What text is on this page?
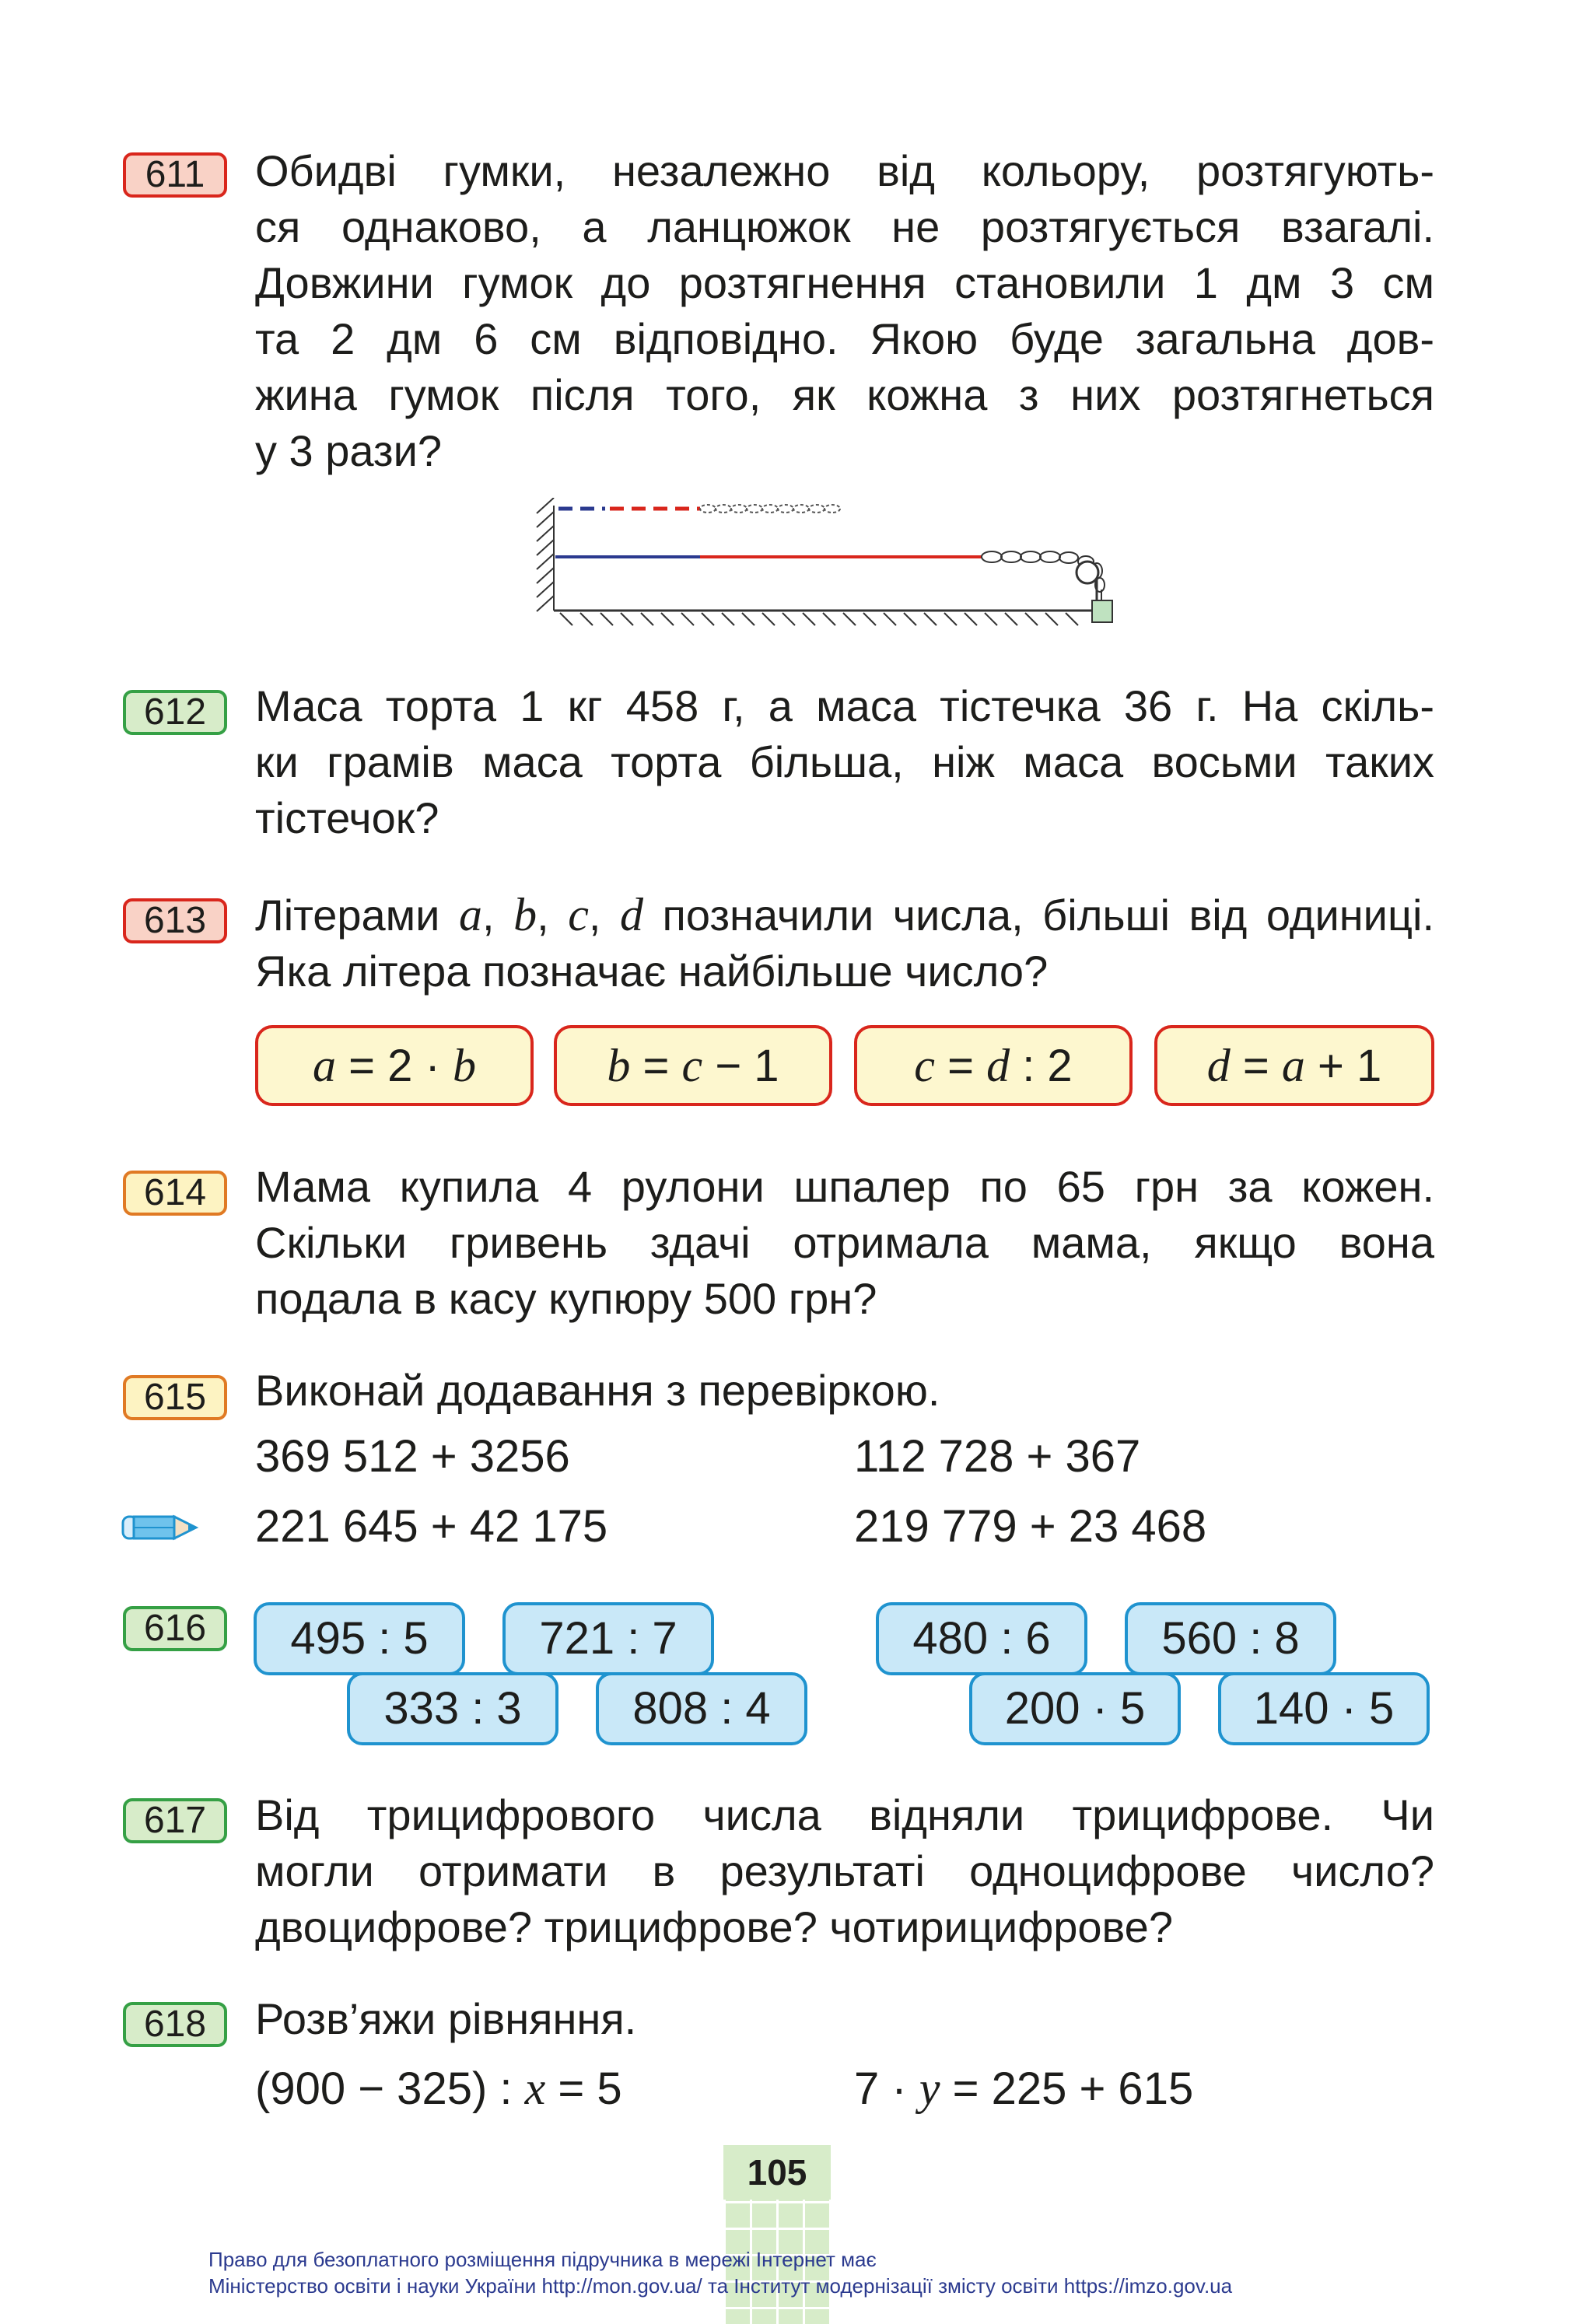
611	Обидві гумки, незалежно від кольору, розтягують-
ся однаково, а ланцюжок не розтягується взагалі.
Довжини гумок до розтягнення становили 1 дм 3 см
та 2 дм 6 см відповідно. Якою буде загальна дов-
жина гумок після того, як кожна з них розтягнеться
у 3 рази?
612	Маса торта 1 кг 458 г, а маса тістечка 36 г. На скіль-
ки грамів маса торта більша, ніж маса восьми таких
тістечок?
613	Літерами a, b, c, d позначили числа, більші від одиниці.
Яка літера позначає найбільше число?
a = 2 · b	b = c − 1	c = d : 2	d = a + 1
614	Мама купила 4 рулони шпалер по 65 грн за кожен.
Скільки гривень здачі отримала мама, якщо вона
подала в касу купюру 500 грн?
615	Виконай додавання з перевіркою.
369 512 + 3256	112 728 + 367
221 645 + 42 175	219 779 + 23 468
616	495 : 5	721 : 7
333 : 3	808 : 4
480 : 6	560 : 8
200 · 5	140 · 5
617	Від трицифрового числа відняли трицифрове. Чи
могли отримати в результаті одноцифрове число?
двоцифрове? трицифрове? чотирицифрове?
618	Розв’яжи рівняння.
(900 − 325) : x = 5	7 · y = 225 + 615
105
Право для безоплатного розміщення підручника в мережі Інтернет має
Міністерство освіти і науки України http://mon.gov.ua/ та Інститут модернізації змісту освіти https://imzo.gov.ua
